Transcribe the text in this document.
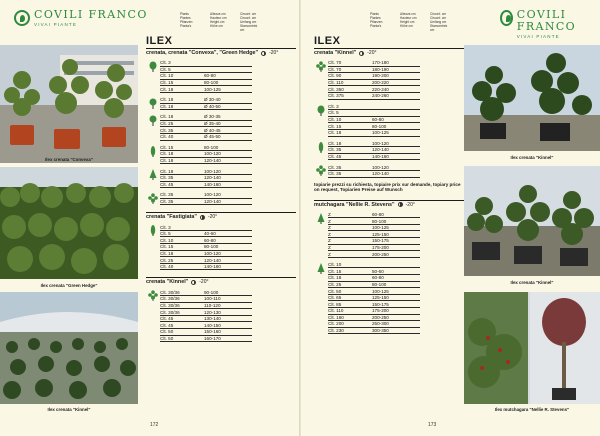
Ilex crenata "Convexa"
Ilex crenata "Green Hedge"
Ilex crenata "Kinnel"
COVILI FRANCO
VIVAI PIANTE
Plants
Plantes
Pflanzen
Planta's
Altezza cm
Hauteur cm
Height cm
Höhe cm
Circonf. cm
Circonf. cm
Umfang cm
Stamomtrek cm
ILEX
crenata, crenata "Convexa", "Green Hedge" -20°
Clt. 3
Clt. 5
Clt. 10	60-80
Clt. 15	80-100
Clt. 18	100-125
Clt. 18	Ø 30-40
Clt. 18	Ø 40-50
Clt. 18	Ø 30-35
Clt. 25	Ø 35-40
Clt. 35	Ø 40-45
Clt. 40	Ø 45-50
Clt. 15	80-100
Clt. 18	100-120
Clt. 18	120-140
Clt. 18	100-120
Clt. 35	120-140
Clt. 45	140-160
Clt. 35	100-120
Clt. 35	120-140
crenata "Fastigiata" -20°
Clt. 3
Clt. 5	40-60
Clt. 10	60-80
Clt. 15	80-100
Clt. 18	100-120
Clt. 25	120-140
Clt. 40	140-160
crenata "Kinnel" -20°
Clt. 30/36	90-100
Clt. 30/36	100-110
Clt. 30/36	110-120
Clt. 30/36	120-130
Clt. 45	130-140
Clt. 45	140-150
Clt. 50	150-160
Clt. 50	160-170
172
Plants
Plantes
Pflanzen
Planta's
Altezza cm
Hauteur cm
Height cm
Höhe cm
Circonf. cm
Circonf. cm
Umfang cm
Stamomtrek cm
COVILI FRANCO
VIVAI PIANTE
ILEX
crenata "Kinnel" -20°
Clt. 70	170-180
Clt. 70	180-190
Clt. 90	190-200
Clt. 110	200-220
Clt. 350	220-240
Clt. 375	240-260
Clt. 3
Clt. 5
Clt. 10	60-80
Clt. 15	80-100
Clt. 18	100-125
Clt. 18	100-120
Clt. 35	120-140
Clt. 45	140-160
Clt. 35	100-120
Clt. 35	120-140
topiarie prezzi su richiesta, topiaire prix sur demande, topiary price on request, Topiarien Preise auf Wunsch
mutchagara "Nellie R. Stevens" -20°
Z	60-80
Z	80-100
Z	100-125
Z	125-150
Z	150-175
Z	175-200
Z	200-250
Clt. 10
Clt. 15	50-60
Clt. 18	60-80
Clt. 25	80-100
Clt. 50	100-125
Clt. 65	125-150
Clt. 85	150-175
Clt. 110	175-200
Clt. 160	200-250
Clt. 200	250-300
Clt. 230	300-350
Ilex crenata "Kinnel"
Ilex crenata "Kinnel"
Ilex mutchagara "Nellie R. Stevens"
173
